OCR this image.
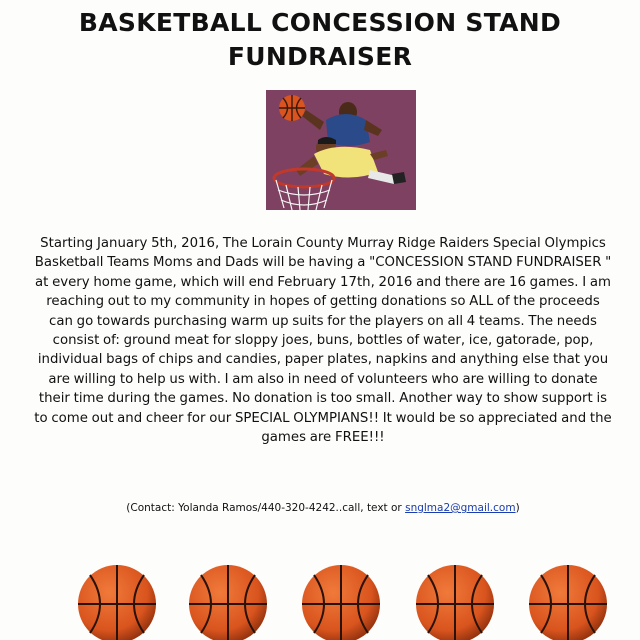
BASKETBALL CONCESSION STAND
FUNDRAISER

Starting January 5th, 2016, The Lorain County Murray Ridge Raiders Special Olympics Basketball Teams Moms and Dads will be having a "CONCESSION STAND FUNDRAISER " at every home game, which will end February 17th, 2016 and there are 16 games. I am reaching out to my community in hopes of getting donations so ALL of the proceeds can go towards purchasing warm up suits for the players on all 4 teams. The needs consist of: ground meat for sloppy joes, buns, bottles of water, ice, gatorade, pop, individual bags of chips and candies, paper plates, napkins and anything else that you are willing to help us with. I am also in need of volunteers who are willing to donate their time during the games. No donation is too small. Another way to show support is to come out and cheer for our SPECIAL OLYMPIANS!! It would be so appreciated and the games are FREE!!!

(Contact: Yolanda Ramos/440-320-4242..call, text or snglma2@gmail.com)
